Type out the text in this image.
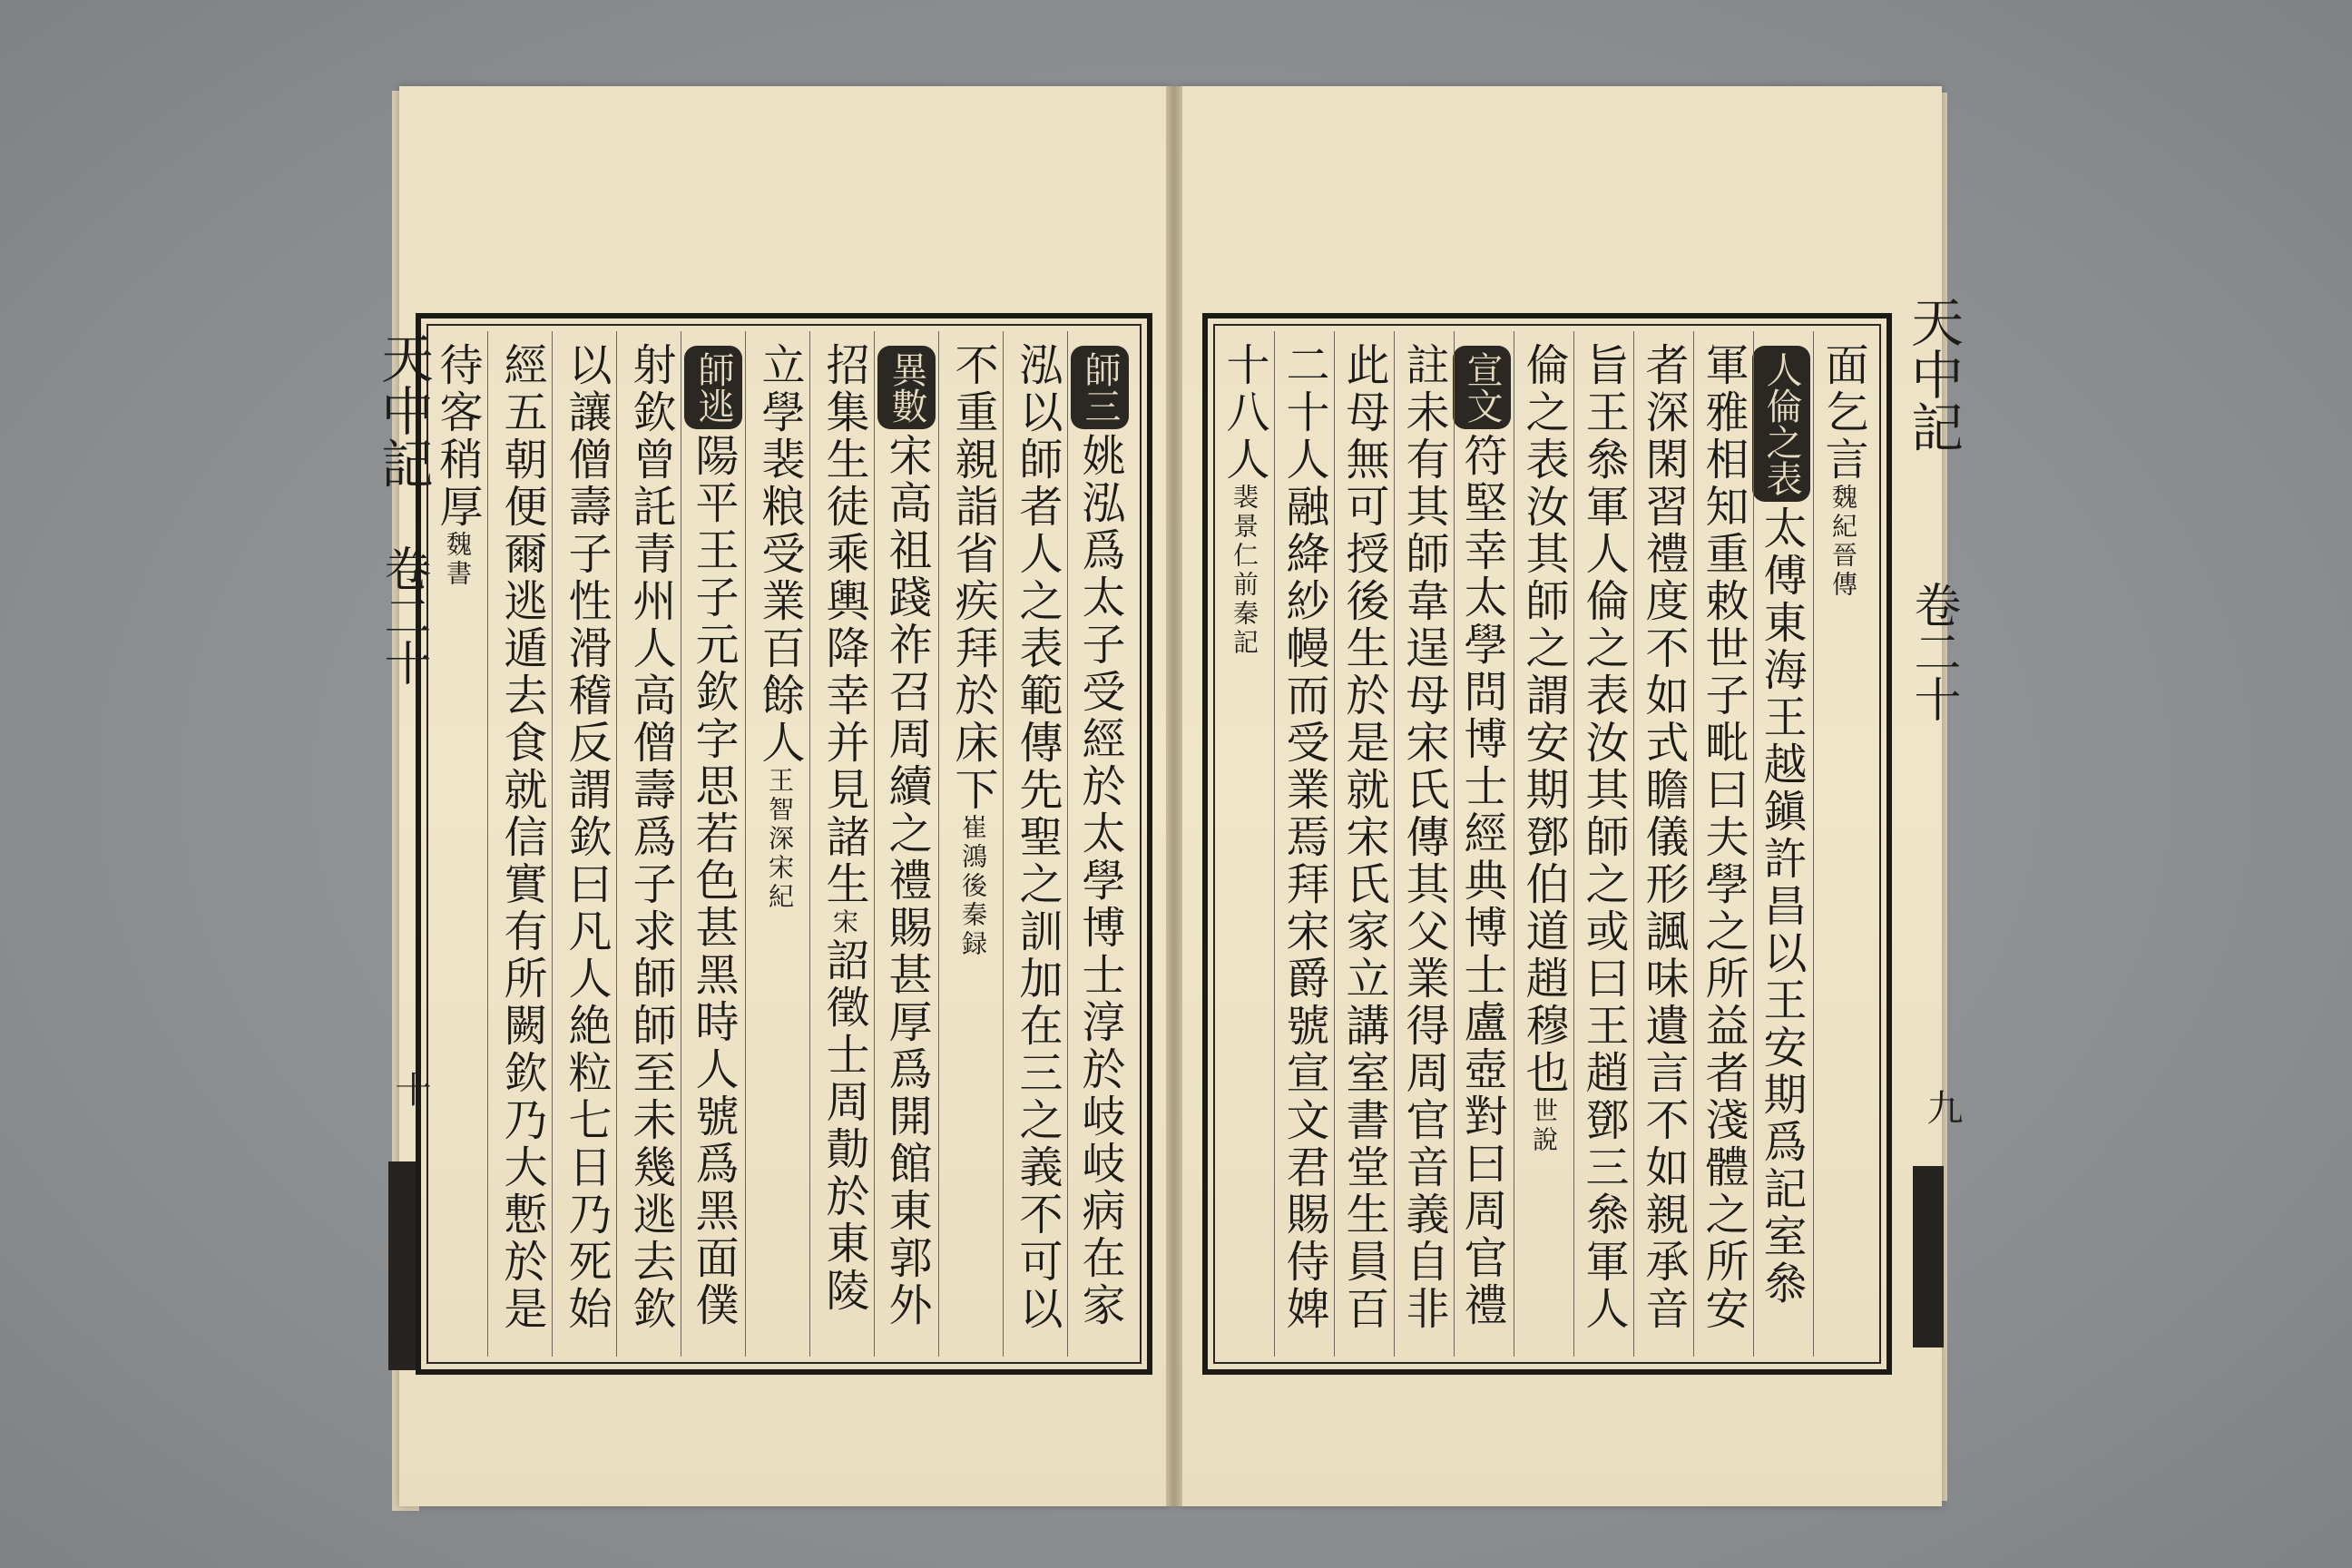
天中記
卷二十
十
師三姚泓爲太子受經於太學博士淳於岐岐病在家
泓以師者人之表範傳先聖之訓加在三之義不可以
不重親詣省疾拜於床下崔鴻後秦録
異數宋高祖踐祚召周續之禮賜甚厚爲開館東郭外
招集生徒乘輿降幸并見諸生宋詔徵士周勣於東陵
立學裴粮受業百餘人王智深宋紀
師逃陽平王子元欽字思若色甚黑時人號爲黑面僕
射欽曾託青州人高僧壽爲子求師師至未幾逃去欽
以讓僧壽子性滑稽反謂欽曰凡人絶粒七日乃死始
經五朝便爾逃遁去食就信實有所闕欽乃大慙於是
待客稍厚魏書
面乞言魏紀晉傳
人倫之表太傅東海王越鎭許昌以王安期爲記室叅
軍雅相知重敕世子毗曰夫學之所益者淺體之所安
者深閑習禮度不如式瞻儀形諷味遺言不如親承音
旨王叅軍人倫之表汝其師之或曰王趙鄧三叅軍人
倫之表汝其師之謂安期鄧伯道趙穆也世說
宣文符堅幸太學問博士經典博士盧壺對曰周官禮
註未有其師韋逞母宋氏傳其父業得周官音義自非
此母無可授後生於是就宋氏家立講室書堂生員百
二十人融絳紗幔而受業焉拜宋爵號宣文君賜侍婢
十八人裴景仁前秦記
天中記
卷二十
九
